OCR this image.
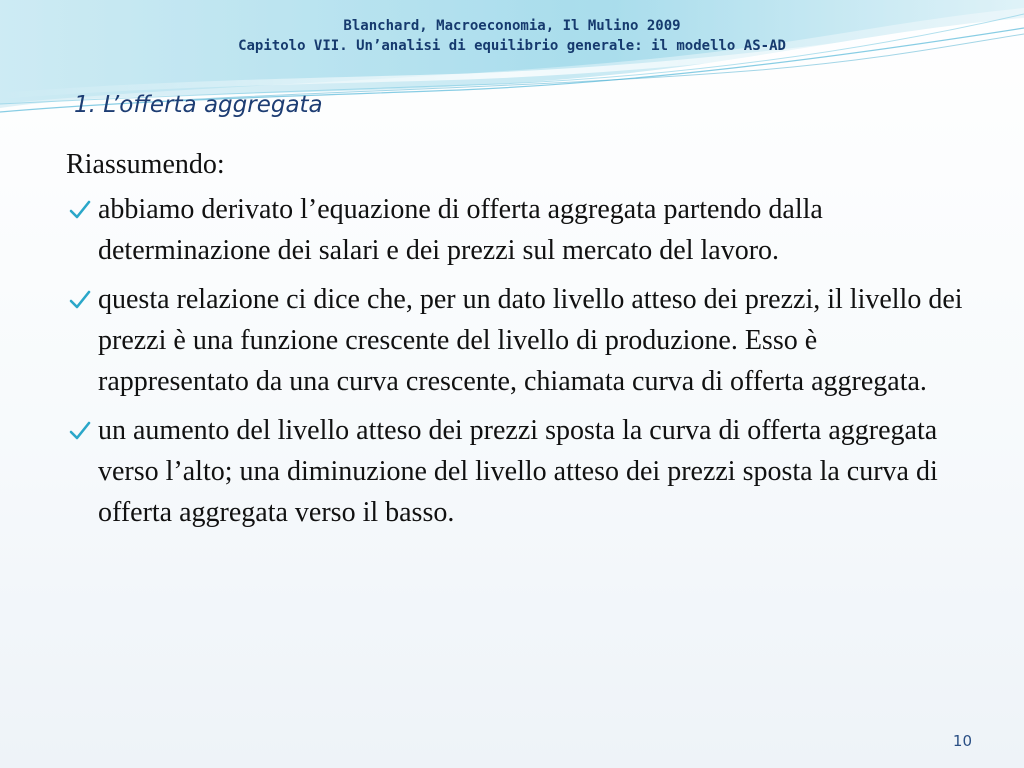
Blanchard, Macroeconomia, Il Mulino 2009
Capitolo VII. Un’analisi di equilibrio generale: il modello AS-AD
1. L’offerta aggregata

Riassumendo:

abbiamo derivato l’equazione di offerta aggregata partendo dalla determinazione dei salari e dei prezzi sul mercato del lavoro.

questa relazione ci dice che, per un dato livello atteso dei prezzi, il livello dei prezzi è una funzione crescente del livello di produzione. Esso è rappresentato da una curva crescente, chiamata curva di offerta aggregata.

un aumento del livello atteso dei prezzi sposta la curva di offerta aggregata verso l’alto; una diminuzione del livello atteso dei prezzi sposta la curva di offerta aggregata verso il basso.

10
